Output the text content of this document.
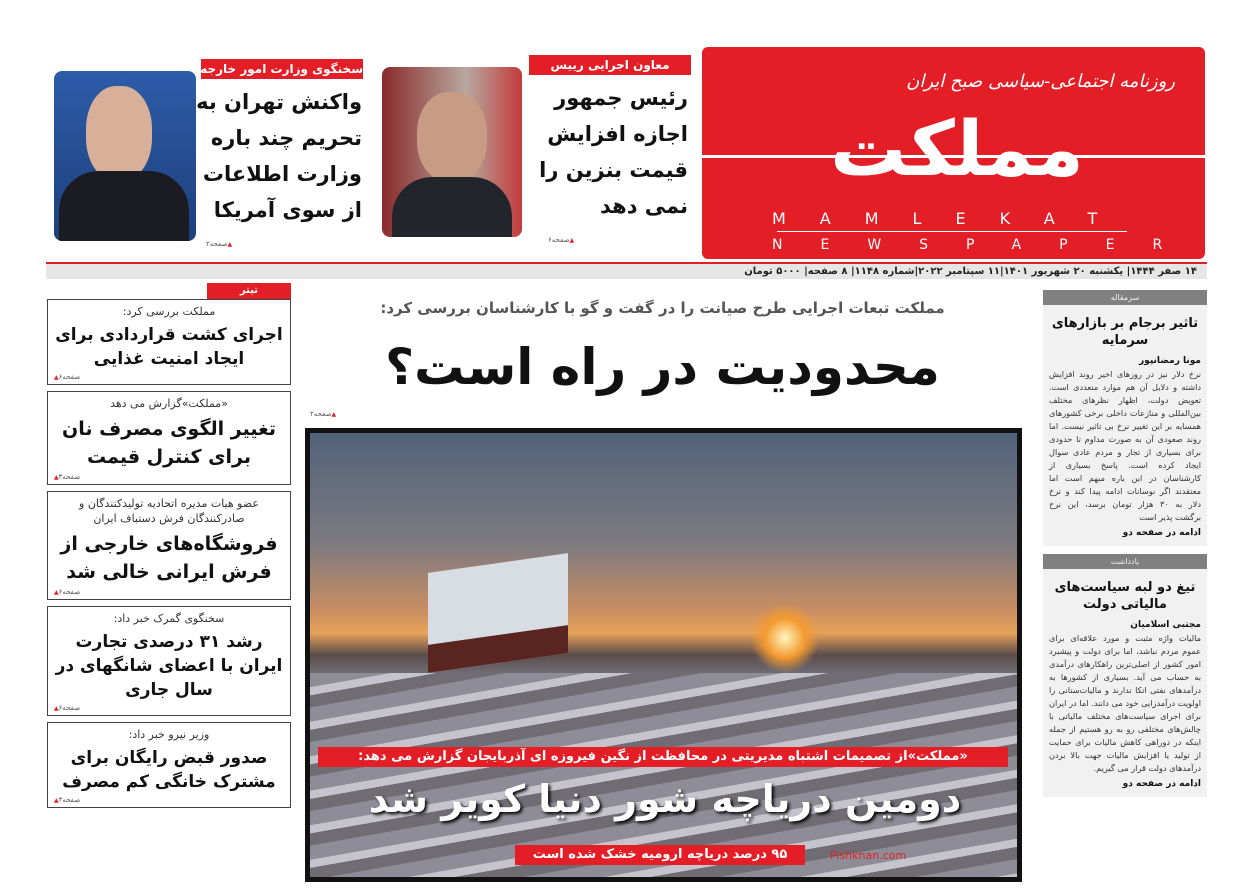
روزنامه اجتماعی-سیاسی صبح ایران
مملکت
MAMLEKAT
NEWSPAPER
معاون اجرایی رییس
رئیس جمهور
اجازه افزایش
قیمت بنزین را
نمی دهد
▲ صفحه۶
سخنگوی وزارت امور خارجه
واکنش تهران به
تحریم چند باره
وزارت اطلاعات
از سوی آمریکا
▲ صفحه۲
۱۴ صفر ۱۴۴۴| یکشنبه ۲۰ شهریور ۱۴۰۱|۱۱ سپتامبر ۲۰۲۲|شماره ۱۱۴۸| ۸ صفحه| ۵۰۰۰ تومان
تیتر
مملکت بررسی کرد:
اجرای کشت قراردادی برای ایجاد امنیت غذایی
▲ صفحه۶
«مملکت»گزارش می دهد
تغییر الگوی مصرف نان برای کنترل قیمت
▲ صفحه۳
عضو هیات مدیره اتحادیه تولیدکنندگان و صادرکنندگان فرش دستباف ایران
فروشگاه‌های خارجی از فرش ایرانی خالی شد
▲ صفحه۶
سخنگوی گمرک خبر داد:
رشد ۳۱ درصدی تجارت ایران با اعضای شانگهای در سال جاری
▲ صفحه۶
وزیر نیرو خبر داد:
صدور قبض رایگان برای مشترک خانگی کم مصرف
▲ صفحه۳
مملکت تبعات اجرایی طرح صیانت را در گفت و گو با کارشناسان بررسی کرد:
محدودیت در راه است؟
▲ صفحه۲
«مملکت»از تصمیمات اشتباه مدیریتی در محافظت از نگین فیروزه ای آذربایجان گزارش می دهد:
دومین دریاچه شور دنیا کویر شد
Pishkhan.com
۹۵ درصد دریاچه ارومیه خشک شده است
سرمقاله
تاثیر برجام بر بازارهای سرمایه
مونا رمضانپور
نرخ دلار نیز در روزهای اخیر روند افزایش داشته و دلایل آن هم موارد متعددی است. تعویض دولت، اظهار نظرهای مختلف بین‌المللی و منازعات داخلی برخی کشورهای همسایه بر این تغییر نرخ بی تاثیر نیست. اما روند صعودی آن به صورت مداوم تا حدودی برای بسیاری از تجار و مردم عادی سوال ایجاد کرده است. پاسخ بسیاری از کارشناسان در این باره مبهم است اما معتقدند اگر نوسانات ادامه پیدا کند و نرخ دلار به ۳۰ هزار تومان برسد، این نرخ برگشت پذیر است
ادامه در صفحه دو
یادداشت
تیغ دو لبه سیاست‌های مالیاتی دولت
مجتبی اسلامیان
مالیات واژه مثبت و مورد علاقه‌ای برای عموم مردم نباشد، اما برای دولت و پیشبرد امور کشور از اصلی‌ترین راهکارهای درآمدی به حساب می آید. بسیاری از کشورها به درآمدهای نفتی اتکا ندارند و مالیات‌ستانی را اولویت درآمدزایی خود می دانند. اما در ایران برای اجرای سیاست‌های مختلف مالیاتی با چالش‌های مختلفی رو به رو هستیم از جمله اینکه در دوراهی کاهش مالیات برای حمایت از تولید یا افزایش مالیات جهت بالا بردن درآمدهای دولت قرار می گیریم.
ادامه در صفحه دو
